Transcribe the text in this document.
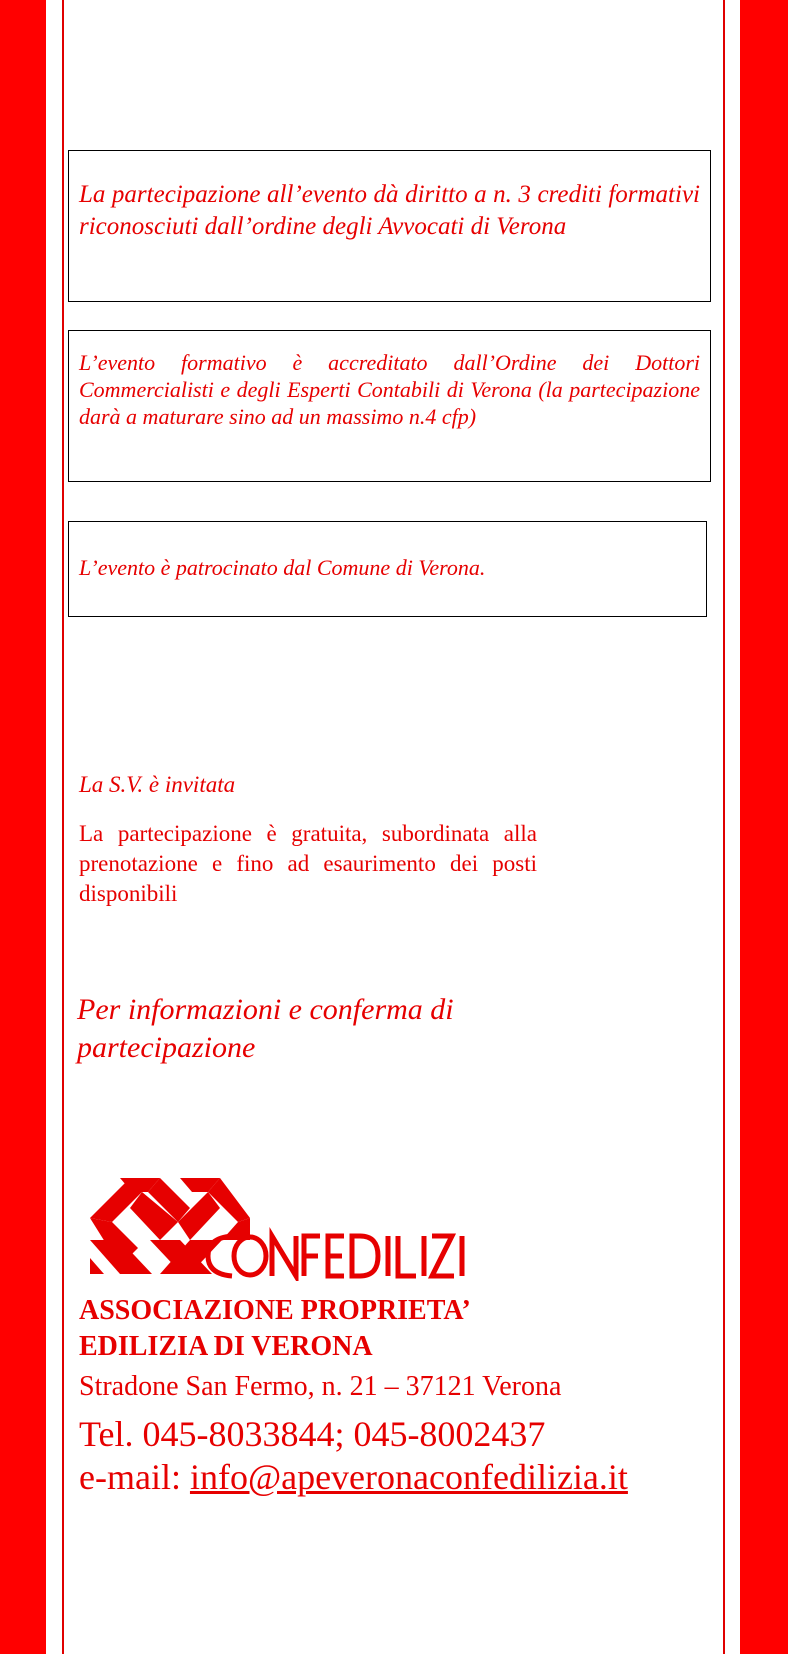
La partecipazione all’evento dà diritto a n. 3 crediti formativi riconosciuti dall’ordine degli Avvocati di Verona

L’evento formativo è accreditato dall’Ordine dei Dottori Commercialisti e degli Esperti Contabili di Verona (la partecipazione darà a maturare sino ad un massimo n.4 cfp)

L’evento è patrocinato dal Comune di Verona.

La S.V. è invitata

La partecipazione è gratuita, subordinata alla prenotazione e fino ad esaurimento dei posti disponibili

Per informazioni e conferma di partecipazione

ASSOCIAZIONE PROPRIETA’
EDILIZIA DI VERONA

Stradone San Fermo, n. 21 – 37121 Verona

Tel. 045-8033844; 045-8002437

e-mail: info@apeveronaconfedilizia.it
